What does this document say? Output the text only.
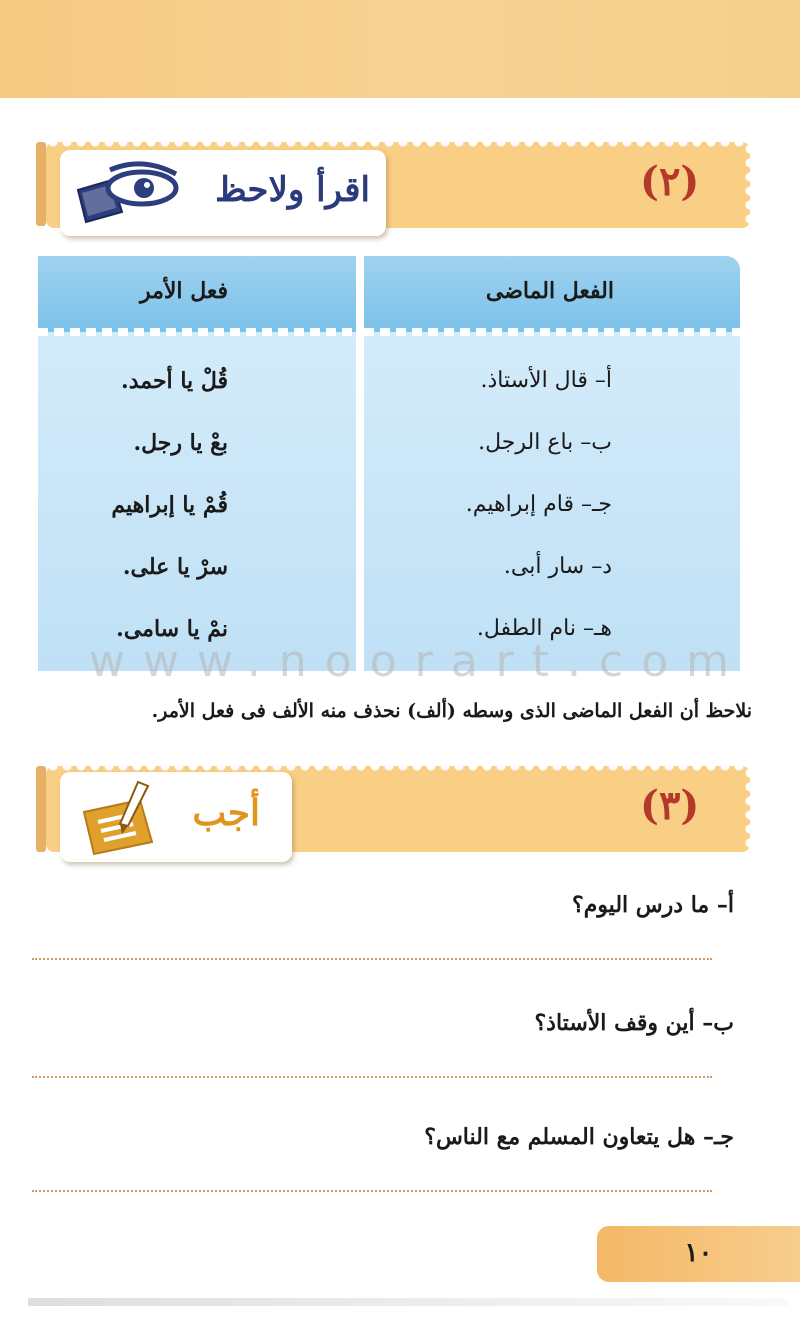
(٢)
اقرأ ولاحظ
فعل الأمر
قُلْ يا أحمد.
بعْ يا رجل.
قُمْ يا إبراهيم
سرْ يا على.
نمْ يا سامى.
الفعل الماضى
أ– قال الأستاذ.
ب– باع الرجل.
جـ– قام إبراهيم.
د– سار أبى.
هـ– نام الطفل.
www.noorart.com
نلاحظ أن الفعل الماضى الذى وسطه (ألف) نحذف منه الألف فى فعل الأمر.
(٣)
أجب
أ– ما درس اليوم؟
ب– أين وقف الأستاذ؟
جـ– هل يتعاون المسلم مع الناس؟
١٠
